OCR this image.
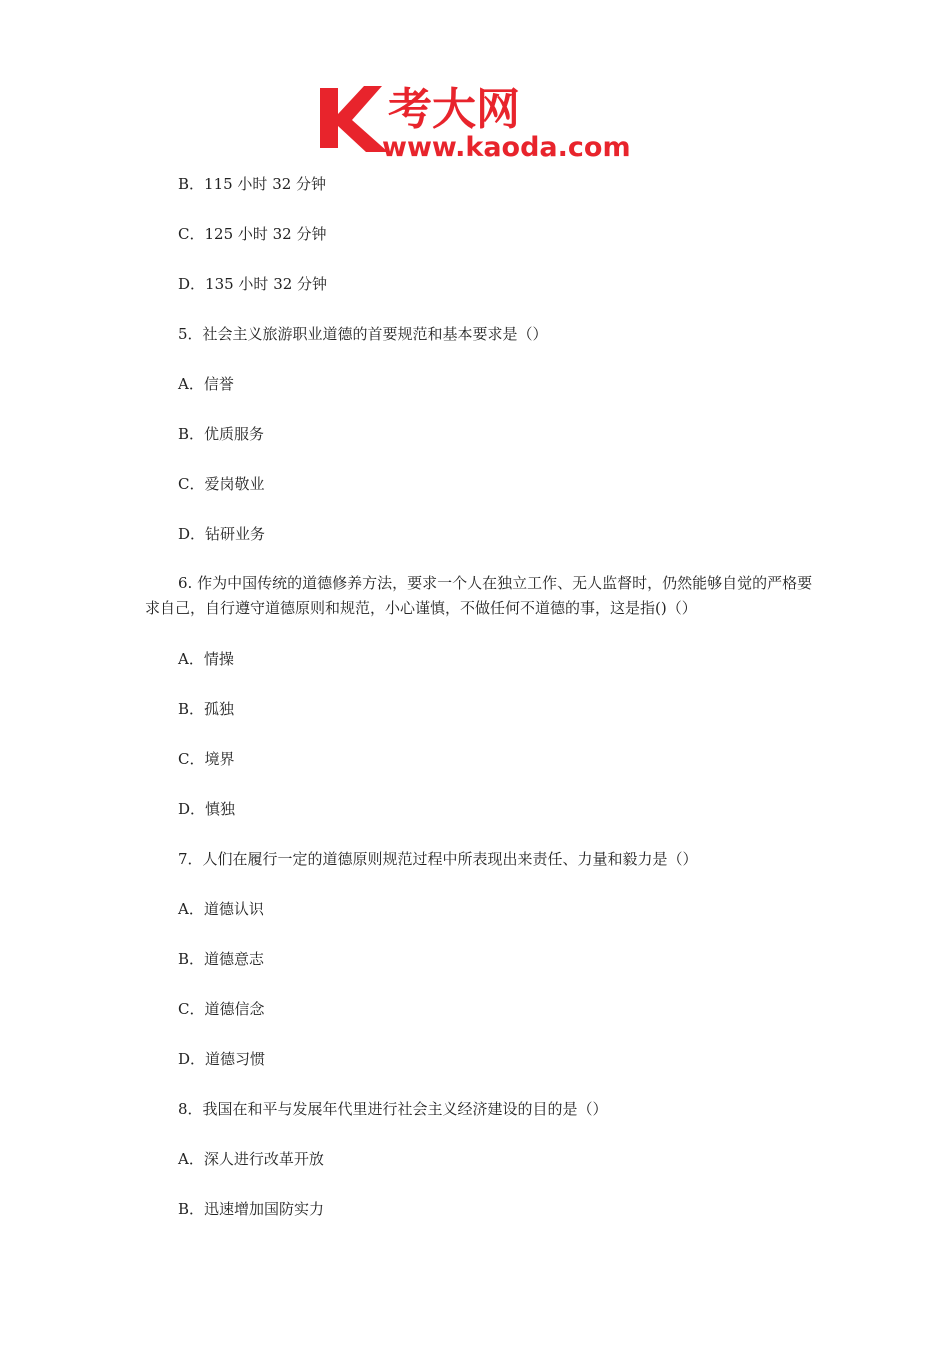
考大网
www.kaoda.com
B．115 小时 32 分钟
C．125 小时 32 分钟
D．135 小时 32 分钟
5．社会主义旅游职业道德的首要规范和基本要求是（）
A．信誉
B．优质服务
C．爱岗敬业
D．钻研业务
6. 作为中国传统的道德修养方法，要求一个人在独立工作、无人监督时，仍然能够自觉的严格要求自己，自行遵守道德原则和规范，小心谨慎，不做任何不道德的事，这是指()（）
A．情操
B．孤独
C．境界
D．慎独
7．人们在履行一定的道德原则规范过程中所表现出来责任、力量和毅力是（）
A．道德认识
B．道德意志
C．道德信念
D．道德习惯
8．我国在和平与发展年代里进行社会主义经济建设的目的是（）
A．深人进行改革开放
B．迅速增加国防实力
